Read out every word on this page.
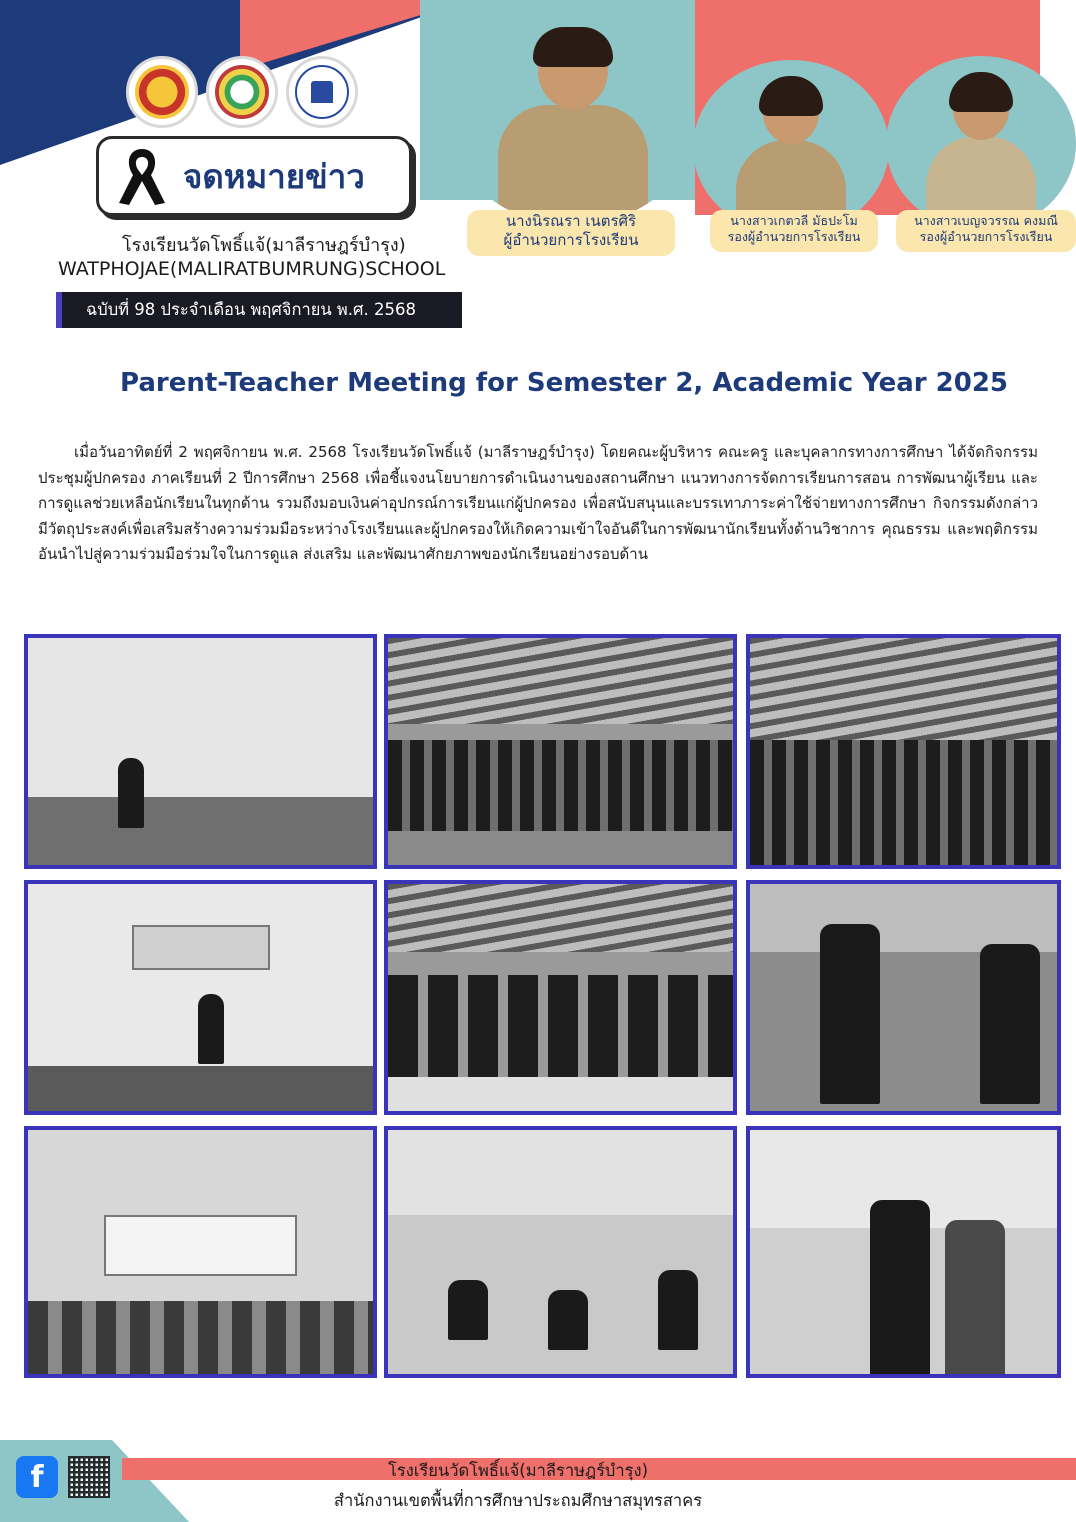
จดหมายข่าว
โรงเรียนวัดโพธิ์แจ้(มาลีราษฎร์บำรุง)
WATPHOJAE(MALIRATBUMRUNG)SCHOOL
ฉบับที่ 98 ประจำเดือน พฤศจิกายน พ.ศ. 2568
นางนิรณรา เนตรศิริ
ผู้อำนวยการโรงเรียน
นางสาวเกตวลี มัธปะโม
รองผู้อำนวยการโรงเรียน
นางสาวเบญจวรรณ คงมณี
รองผู้อำนวยการโรงเรียน
Parent-Teacher Meeting for Semester 2, Academic Year 2025

เมื่อวันอาทิตย์ที่ 2 พฤศจิกายน พ.ศ. 2568 โรงเรียนวัดโพธิ์แจ้ (มาลีราษฎร์บำรุง) โดยคณะผู้บริหาร คณะครู และบุคลากรทางการศึกษา ได้จัดกิจกรรม ประชุมผู้ปกครอง ภาคเรียนที่ 2 ปีการศึกษา 2568 เพื่อชี้แจงนโยบายการดำเนินงานของสถานศึกษา แนวทางการจัดการเรียนการสอน การพัฒนาผู้เรียน และการดูแลช่วยเหลือนักเรียนในทุกด้าน รวมถึงมอบเงินค่าอุปกรณ์การเรียนแก่ผู้ปกครอง เพื่อสนับสนุนและบรรเทาภาระค่าใช้จ่ายทางการศึกษา กิจกรรมดังกล่าวมีวัตถุประสงค์เพื่อเสริมสร้างความร่วมมือระหว่างโรงเรียนและผู้ปกครองให้เกิดความเข้าใจอันดีในการพัฒนานักเรียนทั้งด้านวิชาการ คุณธรรม และพฤติกรรม อันนำไปสู่ความร่วมมือร่วมใจในการดูแล ส่งเสริม และพัฒนาศักยภาพของนักเรียนอย่างรอบด้าน

f	โรงเรียนวัดโพธิ์แจ้(มาลีราษฎร์บำรุง)
สำนักงานเขตพื้นที่การศึกษาประถมศึกษาสมุทรสาคร
